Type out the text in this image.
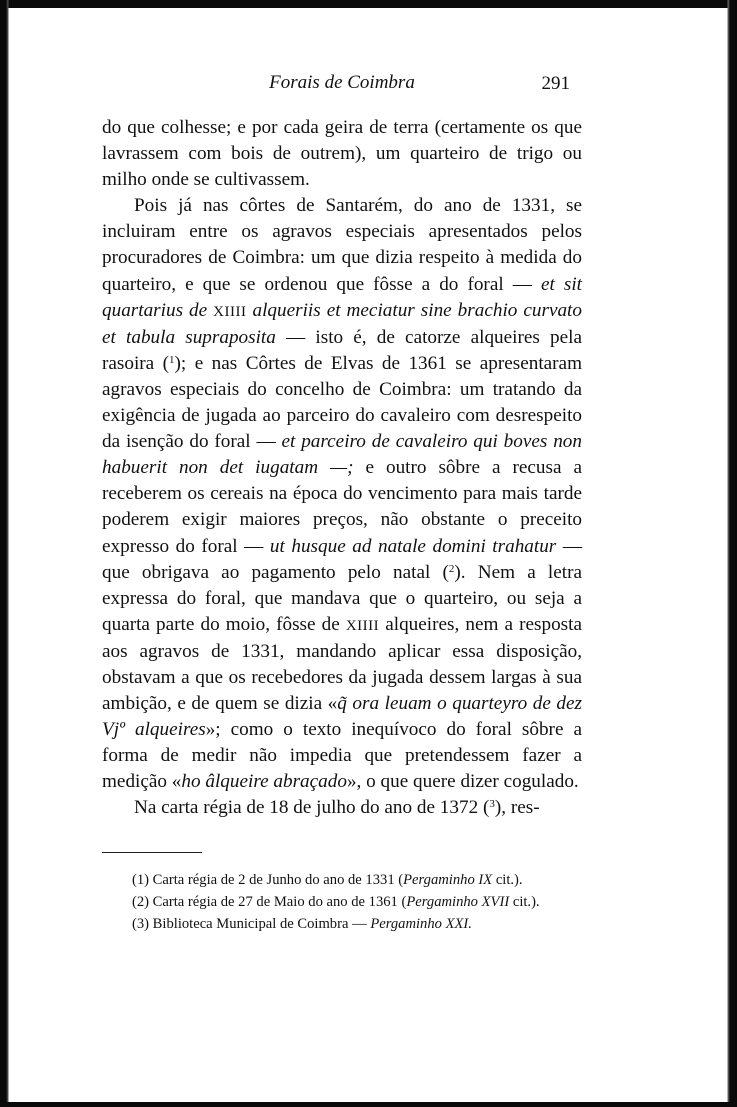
Forais de Coimbra	291

do que colhesse; e por cada geira de terra (certamente os que lavrassem com bois de outrem), um quarteiro de trigo ou milho onde se cultivassem.

Pois já nas côrtes de Santarém, do ano de 1331, se incluiram entre os agravos especiais apresentados pelos procuradores de Coimbra: um que dizia respeito à medida do quarteiro, e que se ordenou que fôsse a do foral — et sit quartarius de XIIII alqueriis et meciatur sine brachio curvato et tabula supraposita — isto é, de catorze alqueires pela rasoira ($^1$); e nas Côrtes de Elvas de 1361 se apresentaram agravos especiais do concelho de Coimbra: um tratando da exigência de jugada ao parceiro do cavaleiro com desrespeito da isenção do foral — et parceiro de cavaleiro qui boves non habuerit non det iugatam —; e outro sôbre a recusa a receberem os cereais na época do vencimento para mais tarde poderem exigir maiores preços, não obstante o preceito expresso do foral — ut husque ad natale domini trahatur — que obrigava ao pagamento pelo natal ($^2$). Nem a letra expressa do foral, que mandava que o quarteiro, ou seja a quarta parte do moio, fôsse de XIIII alqueires, nem a resposta aos agravos de 1331, mandando aplicar essa disposição, obstavam a que os recebedores da jugada dessem largas à sua ambição, e de quem se dizia «q̃ ora leuam o quarteyro de dez Vjº alqueires»; como o texto inequívoco do foral sôbre a forma de medir não impedia que pretendessem fazer a medição «ho âlqueire abraçado», o que quere dizer cogulado.

Na carta régia de 18 de julho do ano de 1372 ($^3$), res-

(1) Carta régia de 2 de Junho do ano de 1331 (Pergaminho IX cit.).
(2) Carta régia de 27 de Maio do ano de 1361 (Pergaminho XVII cit.).
(3) Biblioteca Municipal de Coimbra — Pergaminho XXI.
